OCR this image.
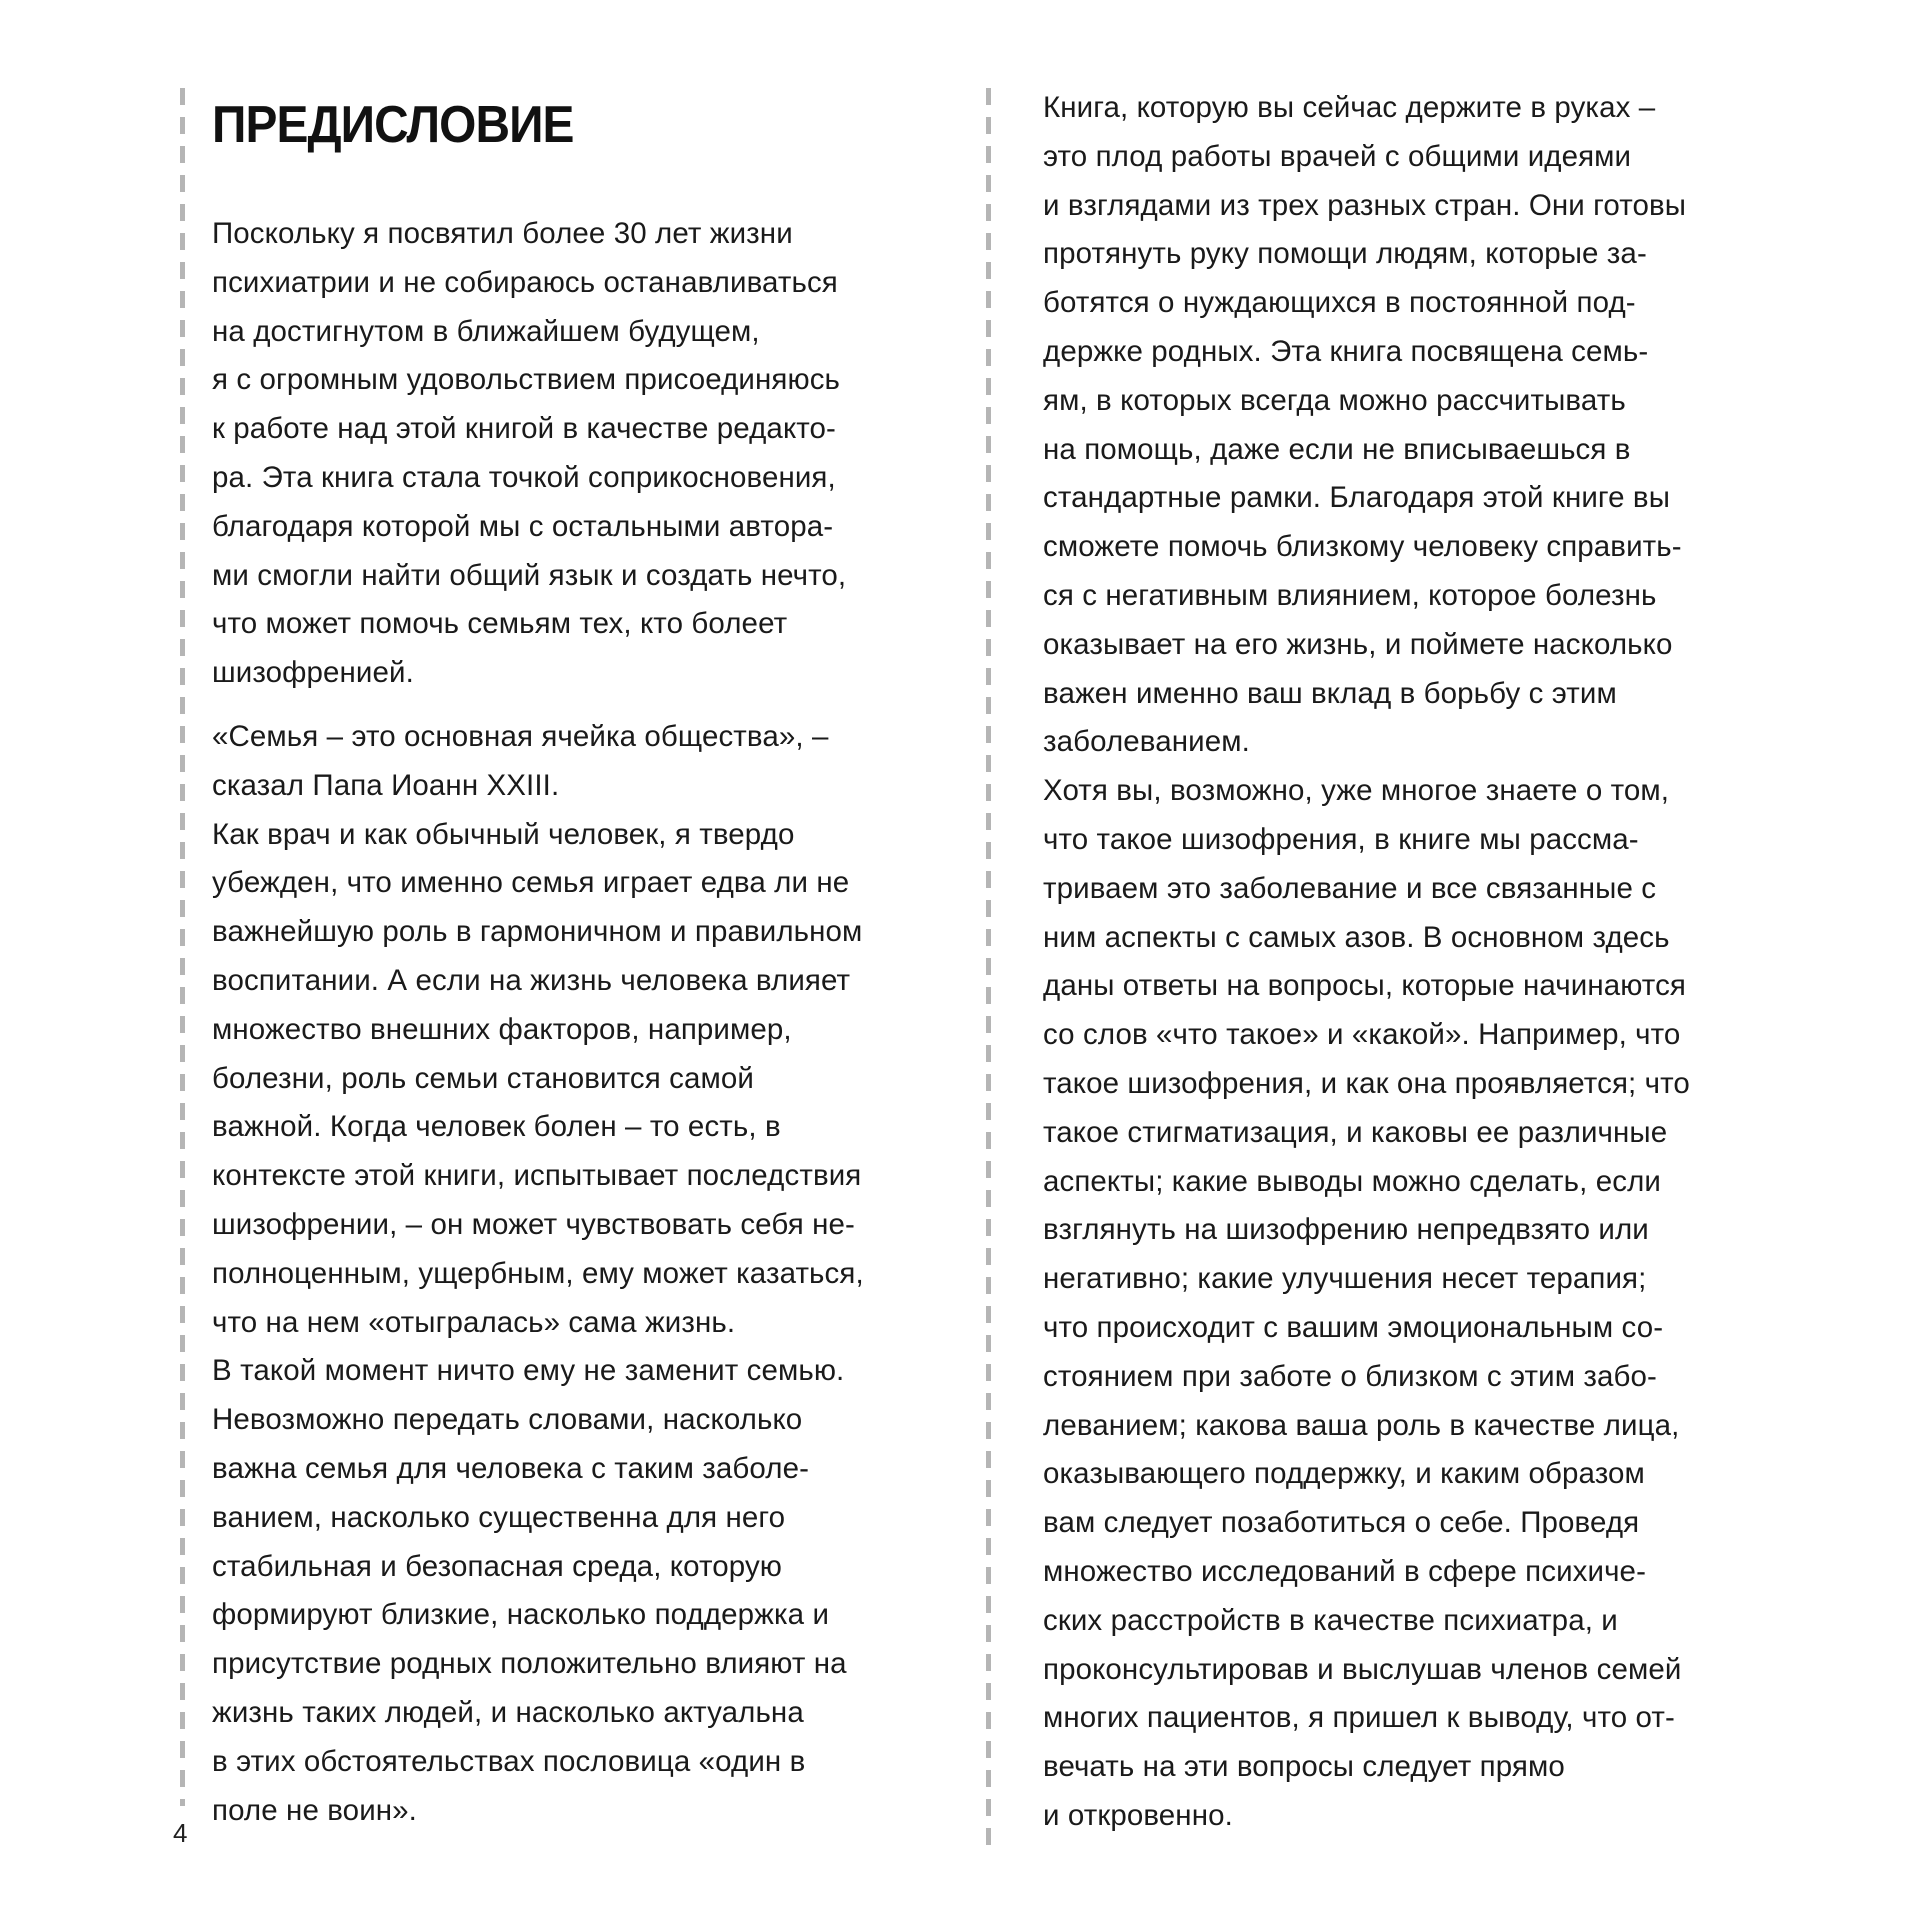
ПРЕДИСЛОВИЕ

Поскольку я посвятил более 30 лет жизни
психиатрии и не собираюсь останавливаться
на достигнутом в ближайшем будущем,
я с огромным удовольствием присоединяюсь
к работе над этой книгой в качестве редакто-
ра. Эта книга стала точкой соприкосновения,
благодаря которой мы с остальными автора-
ми смогли найти общий язык и создать нечто,
что может помочь семьям тех, кто болеет
шизофренией.

«Семья – это основная ячейка общества», –
сказал Папа Иоанн XXIII.
Как врач и как обычный человек, я твердо
убежден, что именно семья играет едва ли не
важнейшую роль в гармоничном и правильном
воспитании. А если на жизнь человека влияет
множество внешних факторов, например,
болезни, роль семьи становится самой
важной. Когда человек болен – то есть, в
контексте этой книги, испытывает последствия
шизофрении, – он может чувствовать себя не-
полноценным, ущербным, ему может казаться,
что на нем «отыгралась» сама жизнь.
В такой момент ничто ему не заменит семью.
Невозможно передать словами, насколько
важна семья для человека с таким заболе-
ванием, насколько существенна для него
стабильная и безопасная среда, которую
формируют близкие, насколько поддержка и
присутствие родных положительно влияют на
жизнь таких людей, и насколько актуальна
в этих обстоятельствах пословица «один в
поле не воин».

Книга, которую вы сейчас держите в руках –
это плод работы врачей с общими идеями
и взглядами из трех разных стран. Они готовы
протянуть руку помощи людям, которые за-
ботятся о нуждающихся в постоянной под-
держке родных. Эта книга посвящена семь-
ям, в которых всегда можно рассчитывать
на помощь, даже если не вписываешься в
стандартные рамки. Благодаря этой книге вы
сможете помочь близкому человеку справить-
ся с негативным влиянием, которое болезнь
оказывает на его жизнь, и поймете насколько
важен именно ваш вклад в борьбу с этим
заболеванием.
Хотя вы, возможно, уже многое знаете о том,
что такое шизофрения, в книге мы рассма-
триваем это заболевание и все связанные с
ним аспекты с самых азов. В основном здесь
даны ответы на вопросы, которые начинаются
со слов «что такое» и «какой». Например, что
такое шизофрения, и как она проявляется; что
такое стигматизация, и каковы ее различные
аспекты; какие выводы можно сделать, если
взглянуть на шизофрению непредвзято или
негативно; какие улучшения несет терапия;
что происходит с вашим эмоциональным со-
стоянием при заботе о близком с этим забо-
леванием; какова ваша роль в качестве лица,
оказывающего поддержку, и каким образом
вам следует позаботиться о себе. Проведя
множество исследований в сфере психиче-
ских расстройств в качестве психиатра, и
проконсультировав и выслушав членов семей
многих пациентов, я пришел к выводу, что от-
вечать на эти вопросы следует прямо
и откровенно.

4
